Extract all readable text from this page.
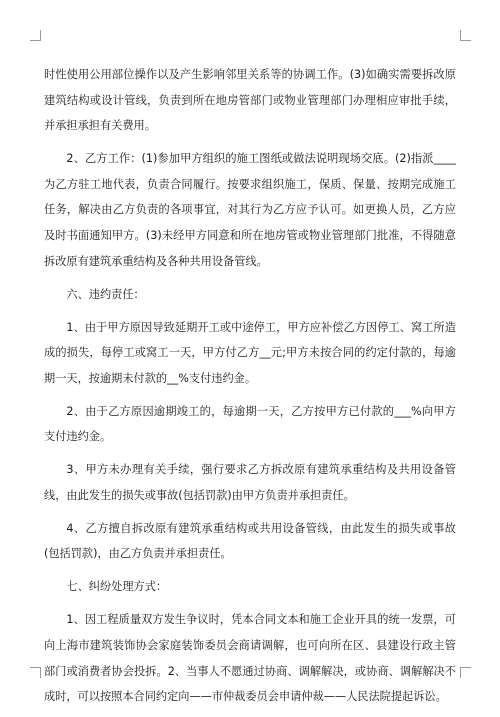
时性使用公用部位操作以及产生影响邻里关系等的协调工作。(3)如确实需要拆改原建筑结构或设计管线，负责到所在地房管部门或物业管理部门办理相应审批手续，并承担承担有关费用。

2、乙方工作：(1)参加甲方组织的施工图纸或做法说明现场交底。(2)指派____为乙方驻工地代表，负责合同履行。按要求组织施工，保质、保量、按期完成施工任务，解决由乙方负责的各项事宜，对其行为乙方应予认可。如更换人员，乙方应及时书面通知甲方。(3)未经甲方同意和所在地房管或物业管理部门批准，不得随意拆改原有建筑承重结构及各种共用设备管线。

六、违约责任：

1、由于甲方原因导致延期开工或中途停工，甲方应补偿乙方因停工、窝工所造成的损失，每停工或窝工一天，甲方付乙方__元;甲方未按合同的约定付款的，每逾期一天，按逾期未付款的__%支付违约金。

2、由于乙方原因逾期竣工的，每逾期一天，乙方按甲方已付款的___%向甲方支付违约金。

3、甲方未办理有关手续，强行要求乙方拆改原有建筑承重结构及共用设备管线，由此发生的损失或事故(包括罚款)由甲方负责并承担责任。

4、乙方擅自拆改原有建筑承重结构或共用设备管线，由此发生的损失或事故(包括罚款)，由乙方负责并承担责任。

七、纠纷处理方式：

1、因工程质量双方发生争议时，凭本合同文本和施工企业开具的统一发票，可向上海市建筑装饰协会家庭装饰委员会商请调解，也可向所在区、县建设行政主管部门或消费者协会投拆。2、当事人不愿通过协商、调解解决，或协商、调解解决不成时，可以按照本合同约定向——市仲裁委员会申请仲裁——人民法院提起诉讼。
